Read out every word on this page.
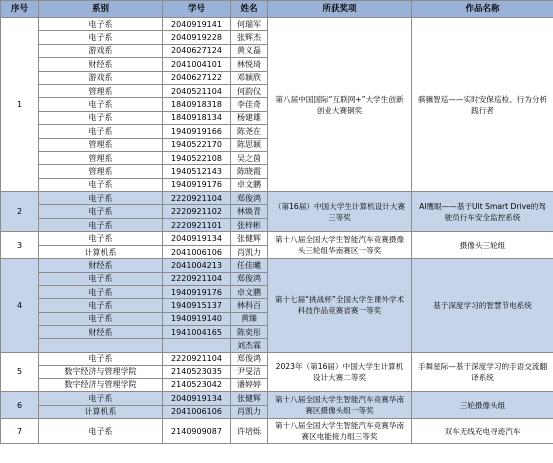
序号	系别	学号	姓名	所获奖项	作品名称
1	电子系	2040919141	何瑞军	第八届中国国际“互联网+”大学生创新创业大赛铜奖	骐骥智巡——实时安保巡检、行为分析践行者
	电子系	2040919228	张辉杰		
	游戏系	2040627124	黄义磊		
	财经系	2041004101	林悦琦		
	游戏系	2040627122	邓颖欣		
	管理系	2040521104	何韵仪		
	电子系	1840918318	李佳奇		
	电子系	1840918134	杨建雄		
	电子系	1940919166	陈尧在		
	管理系	1940522170	陈思颖		
	管理系	1940522108	吴之茵		
	管理系	1940512143	陈晓霞		
	电子系	1940919176	卓文鹏		
2	电子系	2220921104	郑俊鸿	（第16届）中国大学生计算机设计大赛三等奖	AI鹰眼——基于Ult Smart Drive的驾驶员行车安全监控系统
	电子系	2220921102	林焕青		
	电子系	2220921101	张梓彬		
3	电子系	2040919134	张健辉	第十八届全国大学生智能汽车竞赛摄像头三轮组华南赛区一等奖	摄像头三轮组
	计算机系	2041006106	肖凯力		
4	财经系	2041004213	任佳曦	第十七届“挑战杯”全国大学生课外学术科技作品竞赛省赛一等奖	基于深度学习的智慧节电系统
	电子系	2220921104	郑俊鸿		
	电子系	1940919176	卓文鹏		
	电子系	1940915137	林科百		
	电子系	1940919140	黄臻		
	财经系	1941004165	陈奕彤		
			刘杰霖		
5	电子系	2220921104	郑俊鸿	2023年（第16届）中国大学生计算机设计大赛二等奖	手舞星际—基于深度学习的手语交流翻译系统
	数字经济与管理学院	2140523035	尹旻洁		
	数字经济与管理学院	2140523042	潘婷婷		
6	电子系	2040919134	张健辉	第十八届全国大学生智能汽车竞赛华南赛区摄像头组一等奖	三轮摄像头组
	计算机系	2041006106	肖凯力		
7	电子系	2140909087	许培烁	第十八届全国大学生智能汽车竞赛华南赛区电能接力组三等奖	双车无线充电寻迹汽车
